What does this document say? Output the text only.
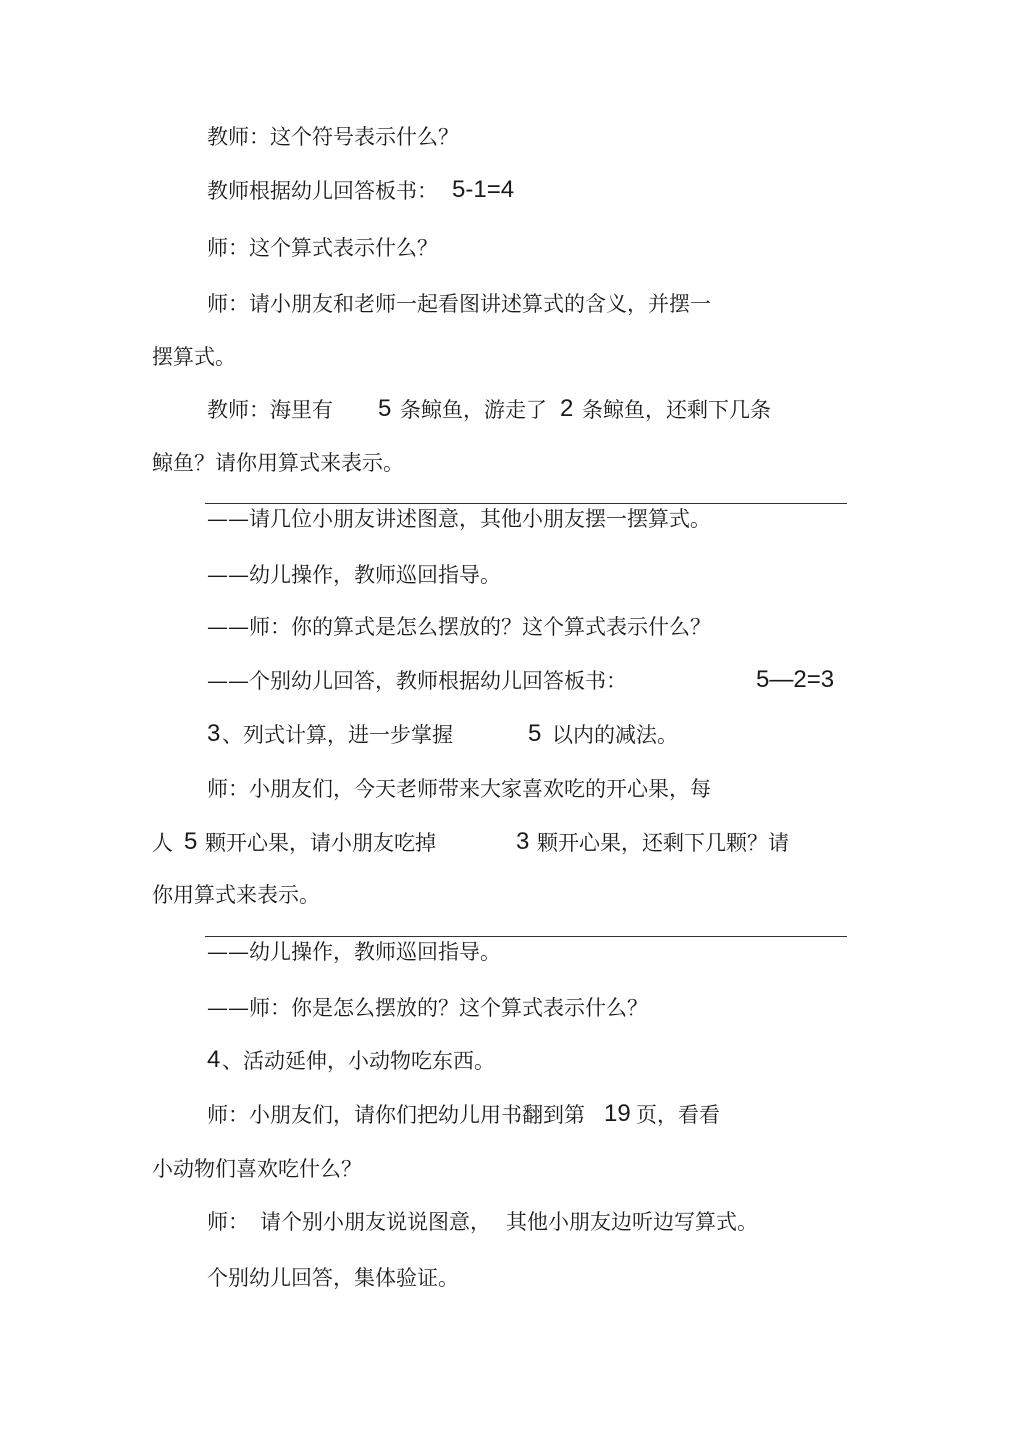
教师：这个符号表示什么？
教师根据幼儿回答板书： 5-1=4
师：这个算式表示什么？
师：请小朋友和老师一起看图讲述算式的含义，并摆一
摆算式。
教师：海里有 5 条鲸鱼，游走了 2 条鲸鱼，还剩下几条
鲸鱼？请你用算式来表示。
——请几位小朋友讲述图意，其他小朋友摆一摆算式。
——幼儿操作，教师巡回指导。
——师：你的算式是怎么摆放的？这个算式表示什么？
——个别幼儿回答，教师根据幼儿回答板书：	5—2=3
3 、列式计算，进一步掌握	5 以内的减法。
师：小朋友们，今天老师带来大家喜欢吃的开心果，每
人 5 颗开心果，请小朋友吃掉	3 颗开心果，还剩下几颗？请
你用算式来表示。
——幼儿操作，教师巡回指导。
——师：你是怎么摆放的？这个算式表示什么？
4 、活动延伸，小动物吃东西。
师：小朋友们，请你们把幼儿用书翻到第 19 页，看看
小动物们喜欢吃什么？
师： 请个别小朋友说说图意， 其他小朋友边听边写算式。
个别幼儿回答，集体验证。
